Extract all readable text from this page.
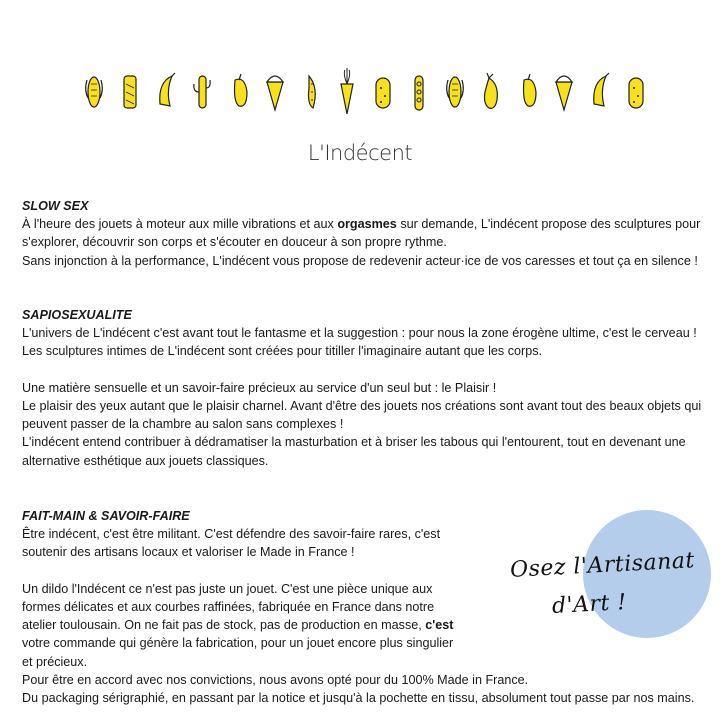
L'Indécent
SLOW SEX

À l'heure des jouets à moteur aux mille vibrations et aux orgasmes sur demande, L'indécent propose des sculptures pour s'explorer, découvrir son corps et s'écouter en douceur à son propre rythme.

Sans injonction à la performance, L'indécent vous propose de redevenir acteur·ice de vos caresses et tout ça en silence !

SAPIOSEXUALITE

L'univers de L'indécent c'est avant tout le fantasme et la suggestion : pour nous la zone érogène ultime, c'est le cerveau !

Les sculptures intimes de L'indécent sont créées pour titiller l'imaginaire autant que les corps.

Une matière sensuelle et un savoir-faire précieux au service d'un seul but : le Plaisir !

Le plaisir des yeux autant que le plaisir charnel. Avant d'être des jouets nos créations sont avant tout des beaux objets qui peuvent passer de la chambre au salon sans complexes !

L'indécent entend contribuer à dédramatiser la masturbation et à briser les tabous qui l'entourent, tout en devenant une alternative esthétique aux jouets classiques.

FAIT-MAIN & SAVOIR-FAIRE

Être indécent, c'est être militant. C'est défendre des savoir-faire rares, c'est soutenir des artisans locaux et valoriser le Made in France !

Un dildo l'Indécent ce n'est pas juste un jouet. C'est une pièce unique aux formes délicates et aux courbes raffinées, fabriquée en France dans notre atelier toulousain. On ne fait pas de stock, pas de production en masse, c'est votre commande qui génère la fabrication, pour un jouet encore plus singulier et précieux.

Pour être en accord avec nos convictions, nous avons opté pour du 100% Made in France.

Du packaging sérigraphié, en passant par la notice et jusqu'à la pochette en tissu, absolument tout passe par nos mains.

Osez l'Artisanat
d'Art !
